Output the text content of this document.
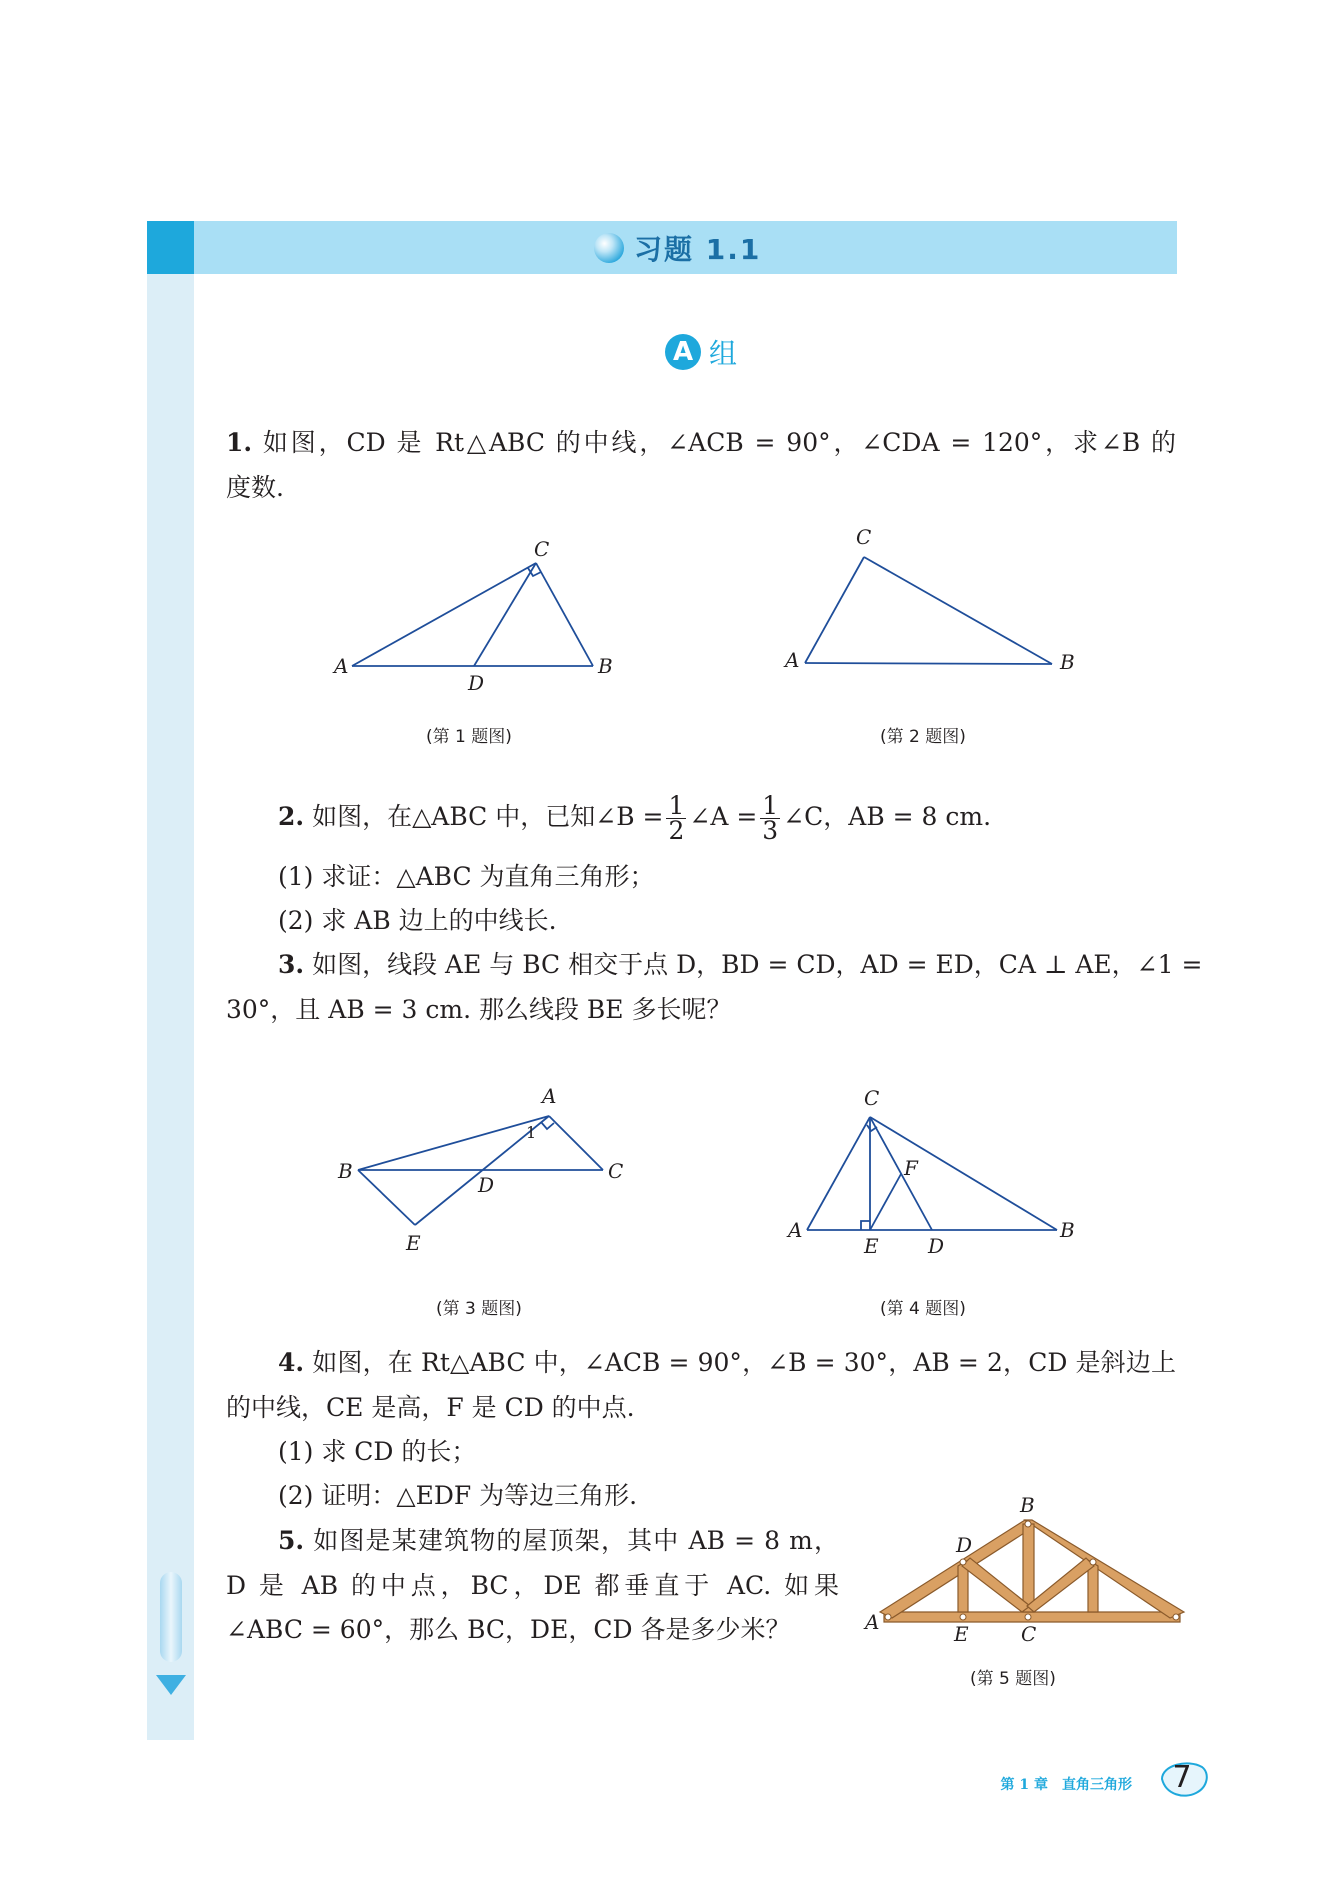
习题 1.1
A 组
1. 如图，CD 是 Rt△ABC 的中线，∠ACB = 90°，∠CDA = 120°，求∠B 的
度数.
C
A	B
D
(第 1 题图)
C
A	B
(第 2 题图)
2. 如图，在△ABC 中，已知∠B = $\frac{1}{2}$ ∠A = $\frac{1}{3}$ ∠C，AB = 8 cm.
(1) 求证：△ABC 为直角三角形；
(2) 求 AB 边上的中线长.
3. 如图，线段 AE 与 BC 相交于点 D，BD = CD，AD = ED，CA ⊥ AE，∠1 =
30°，且 AB = 3 cm. 那么线段 BE 多长呢？
A
B	C
D
E
1
(第 3 题图)
C
A	B
E D
F
(第 4 题图)
4. 如图，在 Rt△ABC 中，∠ACB = 90°，∠B = 30°，AB = 2，CD 是斜边上
的中线，CE 是高，F 是 CD 的中点.
(1) 求 CD 的长；
(2) 证明：△EDF 为等边三角形.
5. 如图是某建筑物的屋顶架，其中 AB = 8 m，
D 是 AB 的中点，BC，DE 都垂直于 AC. 如果
∠ABC = 60°，那么 BC，DE，CD 各是多少米？
B
D
A	E	C
(第 5 题图)
第 1 章　直角三角形	7
